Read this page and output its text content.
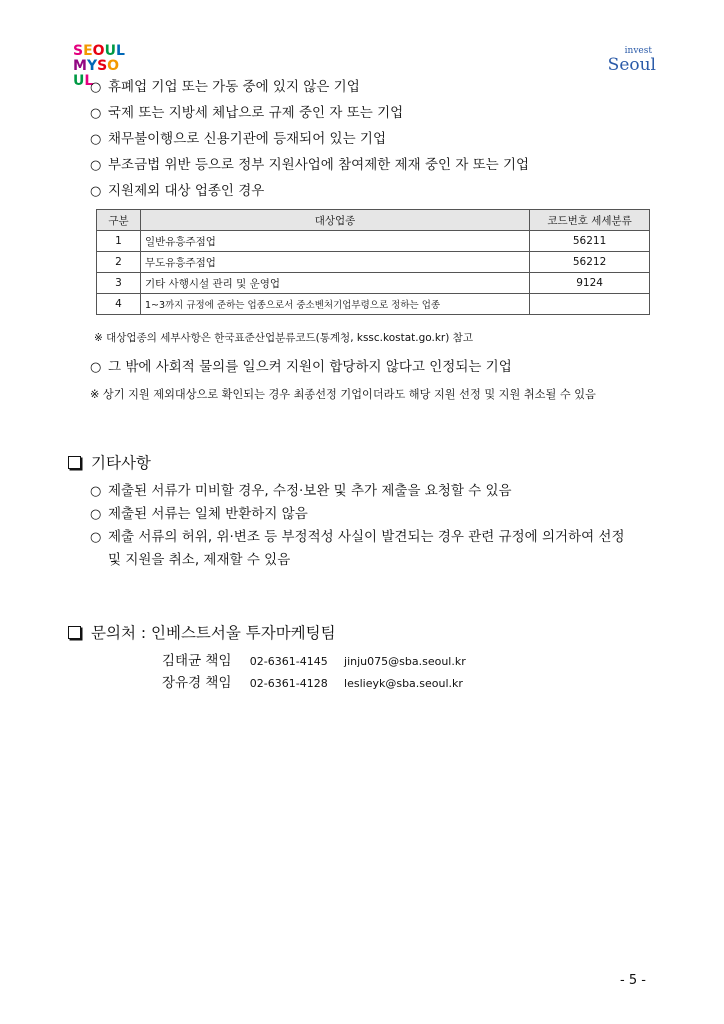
SEOUL
MYSOUL
invest
Seoul
○ 휴폐업 기업 또는 가동 중에 있지 않은 기업
○ 국제 또는 지방세 체납으로 규제 중인 자 또는 기업
○ 채무불이행으로 신용기관에 등재되어 있는 기업
○ 부조금법 위반 등으로 정부 지원사업에 참여제한 제재 중인 자 또는 기업
○ 지원제외 대상 업종인 경우
구분	대상업종	코드번호 세세분류
1	일반유흥주점업	56211
2	무도유흥주점업	56212
3	기타 사행시설 관리 및 운영업	9124
4	1~3까지 규정에 준하는 업종으로서 중소벤처기업부령으로 정하는 업종	
※ 대상업종의 세부사항은 한국표준산업분류코드(통계청, kssc.kostat.go.kr) 참고
○ 그 밖에 사회적 물의를 일으켜 지원이 합당하지 않다고 인정되는 기업
※ 상기 지원 제외대상으로 확인되는 경우 최종선정 기업이더라도 해당 지원 선정 및 지원 취소될 수 있음
기타사항
○ 제출된 서류가 미비할 경우, 수정·보완 및 추가 제출을 요청할 수 있음
○ 제출된 서류는 일체 반환하지 않음
○ 제출 서류의 허위, 위·변조 등 부정적성 사실이 발견되는 경우 관련 규정에 의거하여 선정
및 지원을 취소, 제재할 수 있음
문의처 : 인베스트서울 투자마케팅팀
김태균 책임 02-6361-4145 jinju075@sba.seoul.kr
장유경 책임 02-6361-4128 leslieyk@sba.seoul.kr
- 5 -
